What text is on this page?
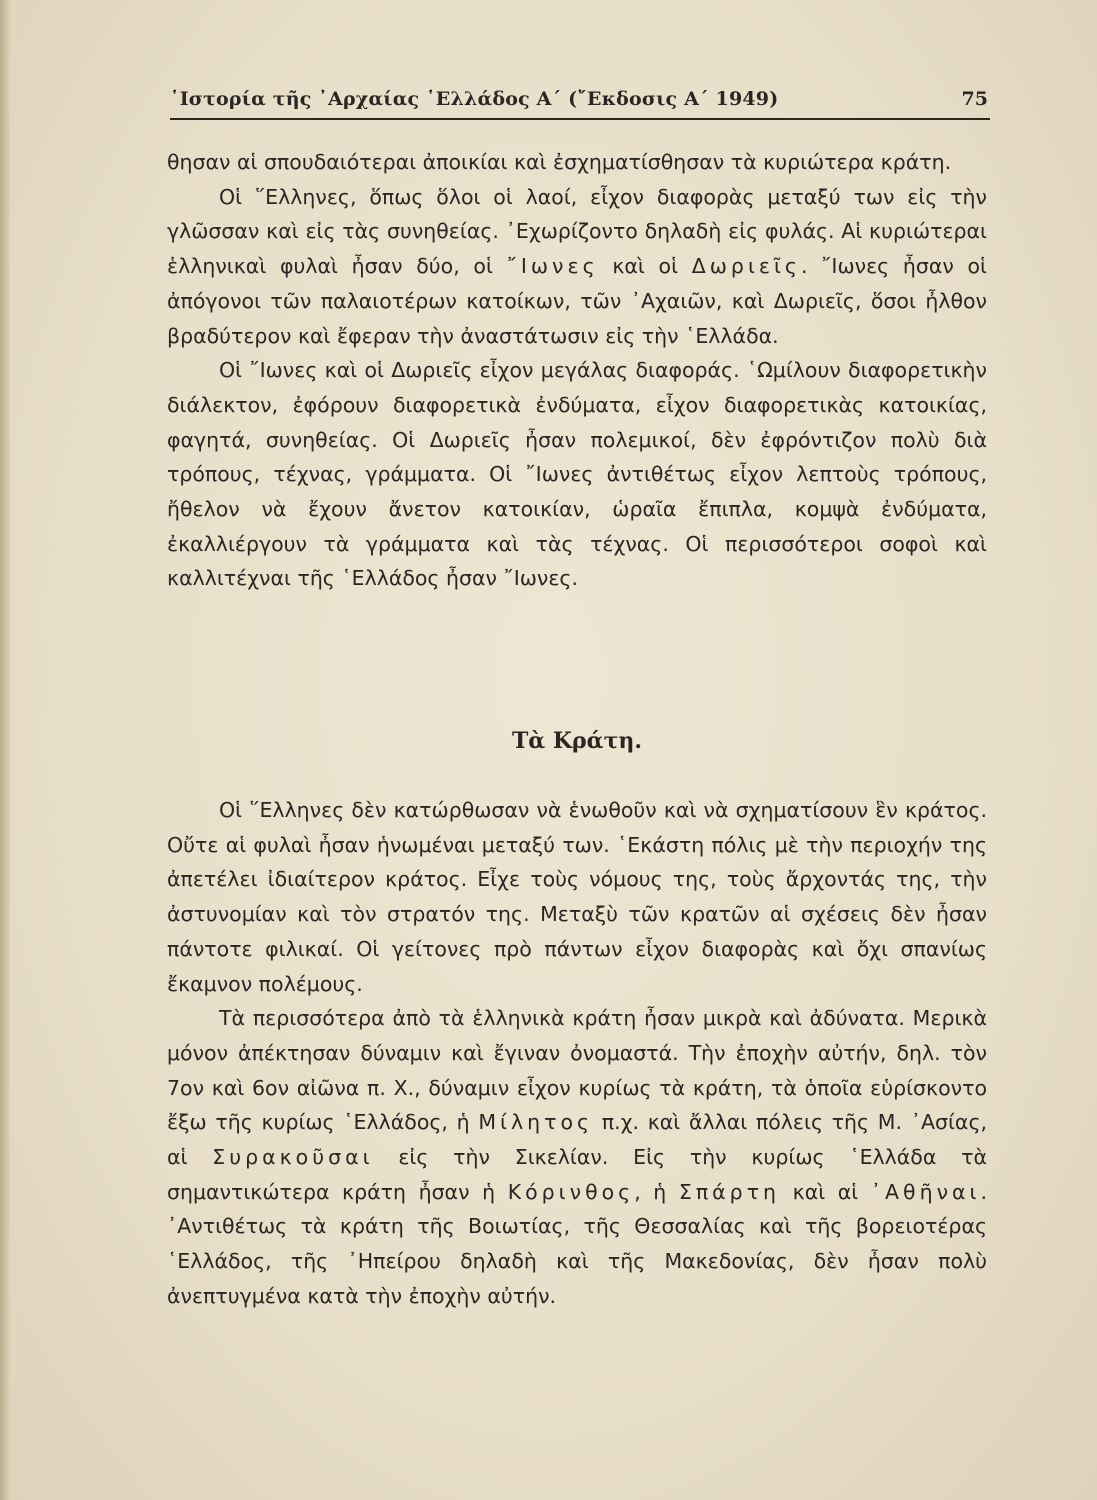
῾Ιστορία τῆς ᾽Αρχαίας ῾Ελλάδος Α΄ (῎Εκδοσις Α΄ 1949)	75

θησαν αἱ σπουδαιότεραι ἀποικίαι καὶ ἐσχηματίσθησαν τὰ κυριώτερα κράτη.

Οἱ ῞Ελληνες, ὅπως ὅλοι οἱ λαοί, εἶχον διαφορὰς μεταξύ των εἰς τὴν γλῶσσαν καὶ εἰς τὰς συνηθείας. ᾽Εχωρίζοντο δηλαδὴ εἰς φυλάς. Αἱ κυριώτεραι ἑλληνικαὶ φυλαὶ ἦσαν δύο, οἱ ῎Ιωνες καὶ οἱ Δωριεῖς. ῎Ιωνες ἦσαν οἱ ἀπόγονοι τῶν παλαιοτέρων κατοίκων, τῶν ᾽Αχαιῶν, καὶ Δωριεῖς, ὅσοι ἦλθον βραδύτερον καὶ ἔφεραν τὴν ἀναστάτωσιν εἰς τὴν ῾Ελλάδα.

Οἱ ῎Ιωνες καὶ οἱ Δωριεῖς εἶχον μεγάλας διαφοράς. ῾Ωμίλουν διαφορετικὴν διάλεκτον, ἐφόρουν διαφορετικὰ ἐνδύματα, εἶχον διαφορετικὰς κατοικίας, φαγητά, συνηθείας. Οἱ Δωριεῖς ἦσαν πολεμικοί, δὲν ἐφρόντιζον πολὺ διὰ τρόπους, τέχνας, γράμματα. Οἱ ῎Ιωνες ἀντιθέτως εἶχον λεπτοὺς τρόπους, ἤθελον νὰ ἔχουν ἄνετον κατοικίαν, ὡραῖα ἔπιπλα, κομψὰ ἐνδύματα, ἐκαλλιέργουν τὰ γράμματα καὶ τὰς τέχνας. Οἱ περισσότεροι σοφοὶ καὶ καλλιτέχναι τῆς ῾Ελλάδος ἦσαν ῎Ιωνες.

Τὰ Κράτη.

Οἱ ῞Ελληνες δὲν κατώρθωσαν νὰ ἑνωθοῦν καὶ νὰ σχηματίσουν ἓν κράτος. Οὔτε αἱ φυλαὶ ἦσαν ἡνωμέναι μεταξύ των. ῾Εκάστη πόλις μὲ τὴν περιοχήν της ἀπετέλει ἰδιαίτερον κράτος. Εἶχε τοὺς νόμους της, τοὺς ἄρχοντάς της, τὴν ἀστυνομίαν καὶ τὸν στρατόν της. Μεταξὺ τῶν κρατῶν αἱ σχέσεις δὲν ἦσαν πάντοτε φιλικαί. Οἱ γείτονες πρὸ πάντων εἶχον διαφορὰς καὶ ὄχι σπανίως ἔκαμνον πολέμους.

Τὰ περισσότερα ἀπὸ τὰ ἑλληνικὰ κράτη ἦσαν μικρὰ καὶ ἀδύνατα. Μερικὰ μόνον ἀπέκτησαν δύναμιν καὶ ἔγιναν ὀνομαστά. Τὴν ἐποχὴν αὐτήν, δηλ. τὸν 7ον καὶ 6ον αἰῶνα π. Χ., δύναμιν εἶχον κυρίως τὰ κράτη, τὰ ὁποῖα εὑρίσκοντο ἔξω τῆς κυρίως ῾Ελλάδος, ἡ Μίλητος π.χ. καὶ ἄλλαι πόλεις τῆς Μ. ᾽Ασίας, αἱ Συρακοῦσαι εἰς τὴν Σικελίαν. Εἰς τὴν κυρίως ῾Ελλάδα τὰ σημαντικώτερα κράτη ἦσαν ἡ Κόρινθος, ἡ Σπάρτη καὶ αἱ ᾽Αθῆναι. ᾽Αντιθέτως τὰ κράτη τῆς Βοιωτίας, τῆς Θεσσαλίας καὶ τῆς βορειοτέρας ῾Ελλάδος, τῆς ᾽Ηπείρου δηλαδὴ καὶ τῆς Μακεδονίας, δὲν ἦσαν πολὺ ἀνεπτυγμένα κατὰ τὴν ἐποχὴν αὐτήν.
